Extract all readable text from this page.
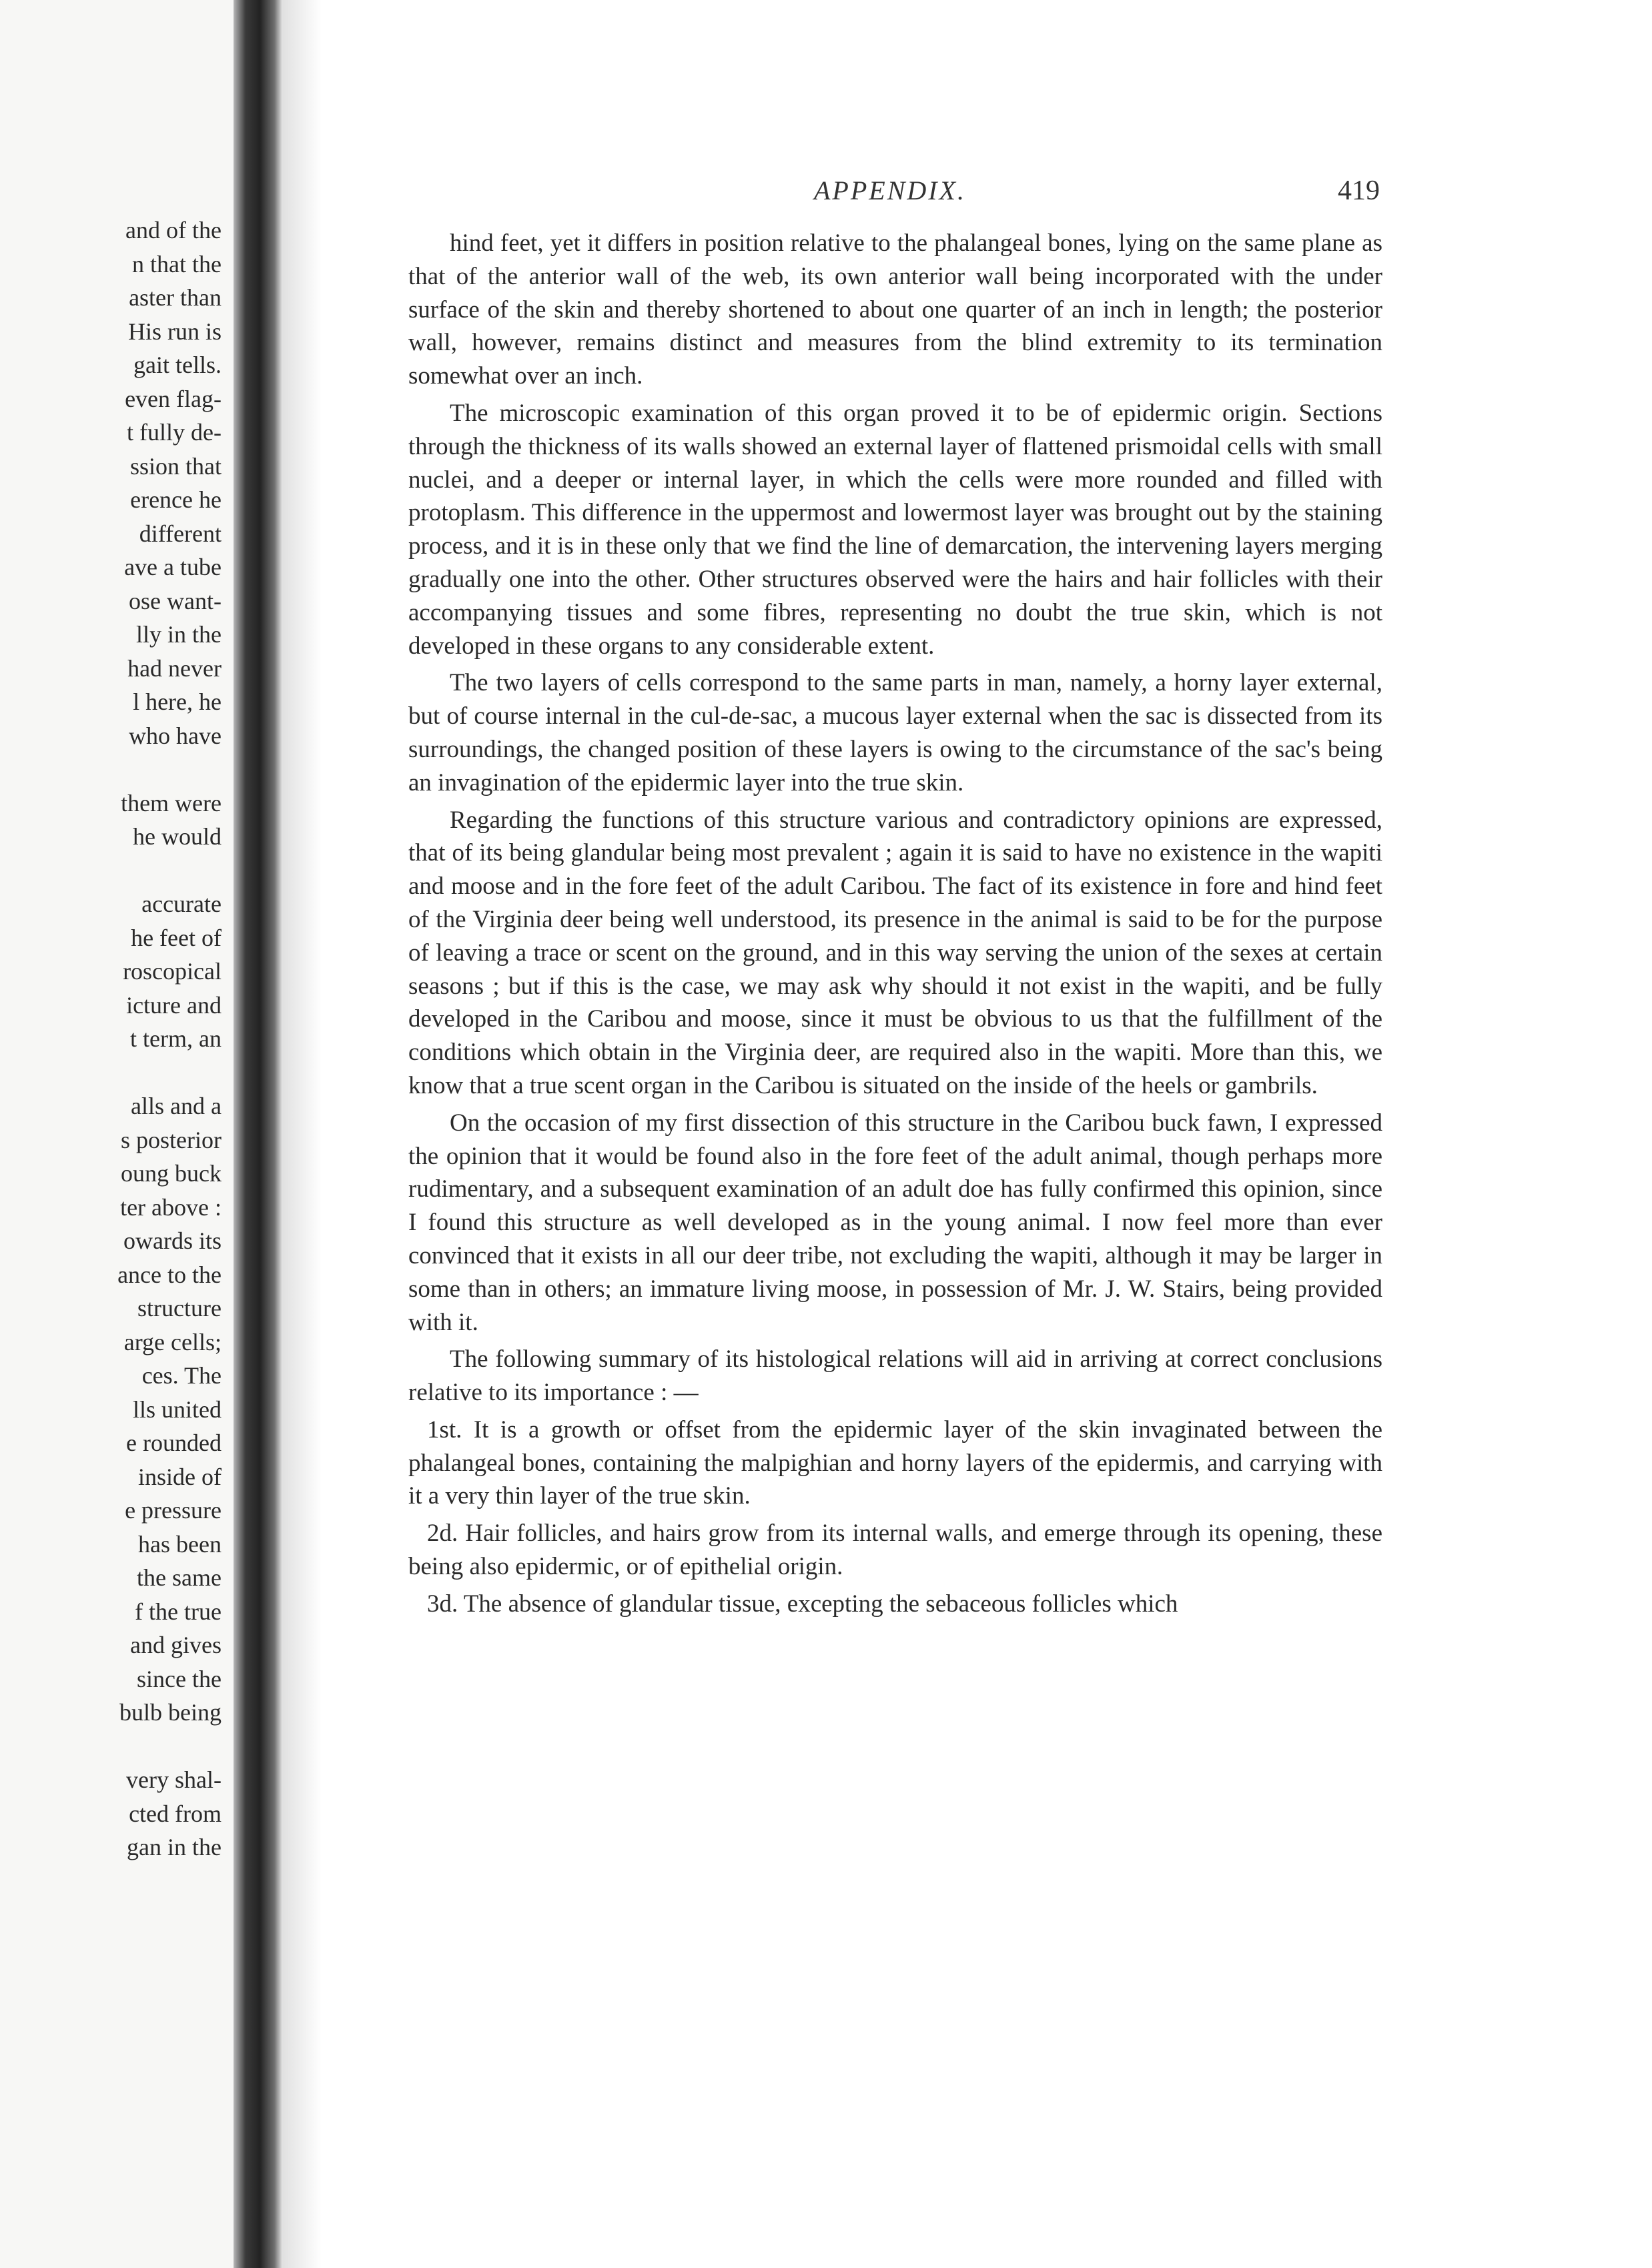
and of the
n that the
aster than
His run is
gait tells.
even flag-
t fully de-
ssion that
erence he
different
ave a tube
ose want-
lly in the
had never
l here, he
who have
them were
he would
accurate
he feet of
roscopical
icture and
t term, an
alls and a
s posterior
oung buck
ter above :
owards its
ance to the
structure
arge cells;
ces. The
lls united
e rounded
inside of
e pressure
has been
the same
f the true
and gives
since the
bulb being
very shal-
cted from
gan in the
APPENDIX.	419

hind feet, yet it differs in position relative to the phalangeal bones, lying on the same plane as that of the anterior wall of the web, its own anterior wall being incorporated with the under surface of the skin and thereby shortened to about one quarter of an inch in length; the posterior wall, however, remains distinct and measures from the blind extremity to its termination somewhat over an inch.

The microscopic examination of this organ proved it to be of epidermic origin. Sections through the thickness of its walls showed an external layer of flattened prismoidal cells with small nuclei, and a deeper or internal layer, in which the cells were more rounded and filled with protoplasm. This difference in the uppermost and lowermost layer was brought out by the staining process, and it is in these only that we find the line of demarcation, the intervening layers merging gradually one into the other. Other structures observed were the hairs and hair follicles with their accompanying tissues and some fibres, representing no doubt the true skin, which is not developed in these organs to any considerable extent.

The two layers of cells correspond to the same parts in man, namely, a horny layer external, but of course internal in the cul-de-sac, a mucous layer external when the sac is dissected from its surroundings, the changed position of these layers is owing to the circumstance of the sac's being an invagination of the epidermic layer into the true skin.

Regarding the functions of this structure various and contradictory opinions are expressed, that of its being glandular being most prevalent ; again it is said to have no existence in the wapiti and moose and in the fore feet of the adult Caribou. The fact of its existence in fore and hind feet of the Virginia deer being well understood, its presence in the animal is said to be for the purpose of leaving a trace or scent on the ground, and in this way serving the union of the sexes at certain seasons ; but if this is the case, we may ask why should it not exist in the wapiti, and be fully developed in the Caribou and moose, since it must be obvious to us that the fulfillment of the conditions which obtain in the Virginia deer, are required also in the wapiti. More than this, we know that a true scent organ in the Caribou is situated on the inside of the heels or gambrils.

On the occasion of my first dissection of this structure in the Caribou buck fawn, I expressed the opinion that it would be found also in the fore feet of the adult animal, though perhaps more rudimentary, and a subsequent examination of an adult doe has fully confirmed this opinion, since I found this structure as well developed as in the young animal. I now feel more than ever convinced that it exists in all our deer tribe, not excluding the wapiti, although it may be larger in some than in others; an immature living moose, in possession of Mr. J. W. Stairs, being provided with it.

The following summary of its histological relations will aid in arriving at correct conclusions relative to its importance : —

1st. It is a growth or offset from the epidermic layer of the skin invaginated between the phalangeal bones, containing the malpighian and horny layers of the epidermis, and carrying with it a very thin layer of the true skin.

2d. Hair follicles, and hairs grow from its internal walls, and emerge through its opening, these being also epidermic, or of epithelial origin.

3d. The absence of glandular tissue, excepting the sebaceous follicles which
